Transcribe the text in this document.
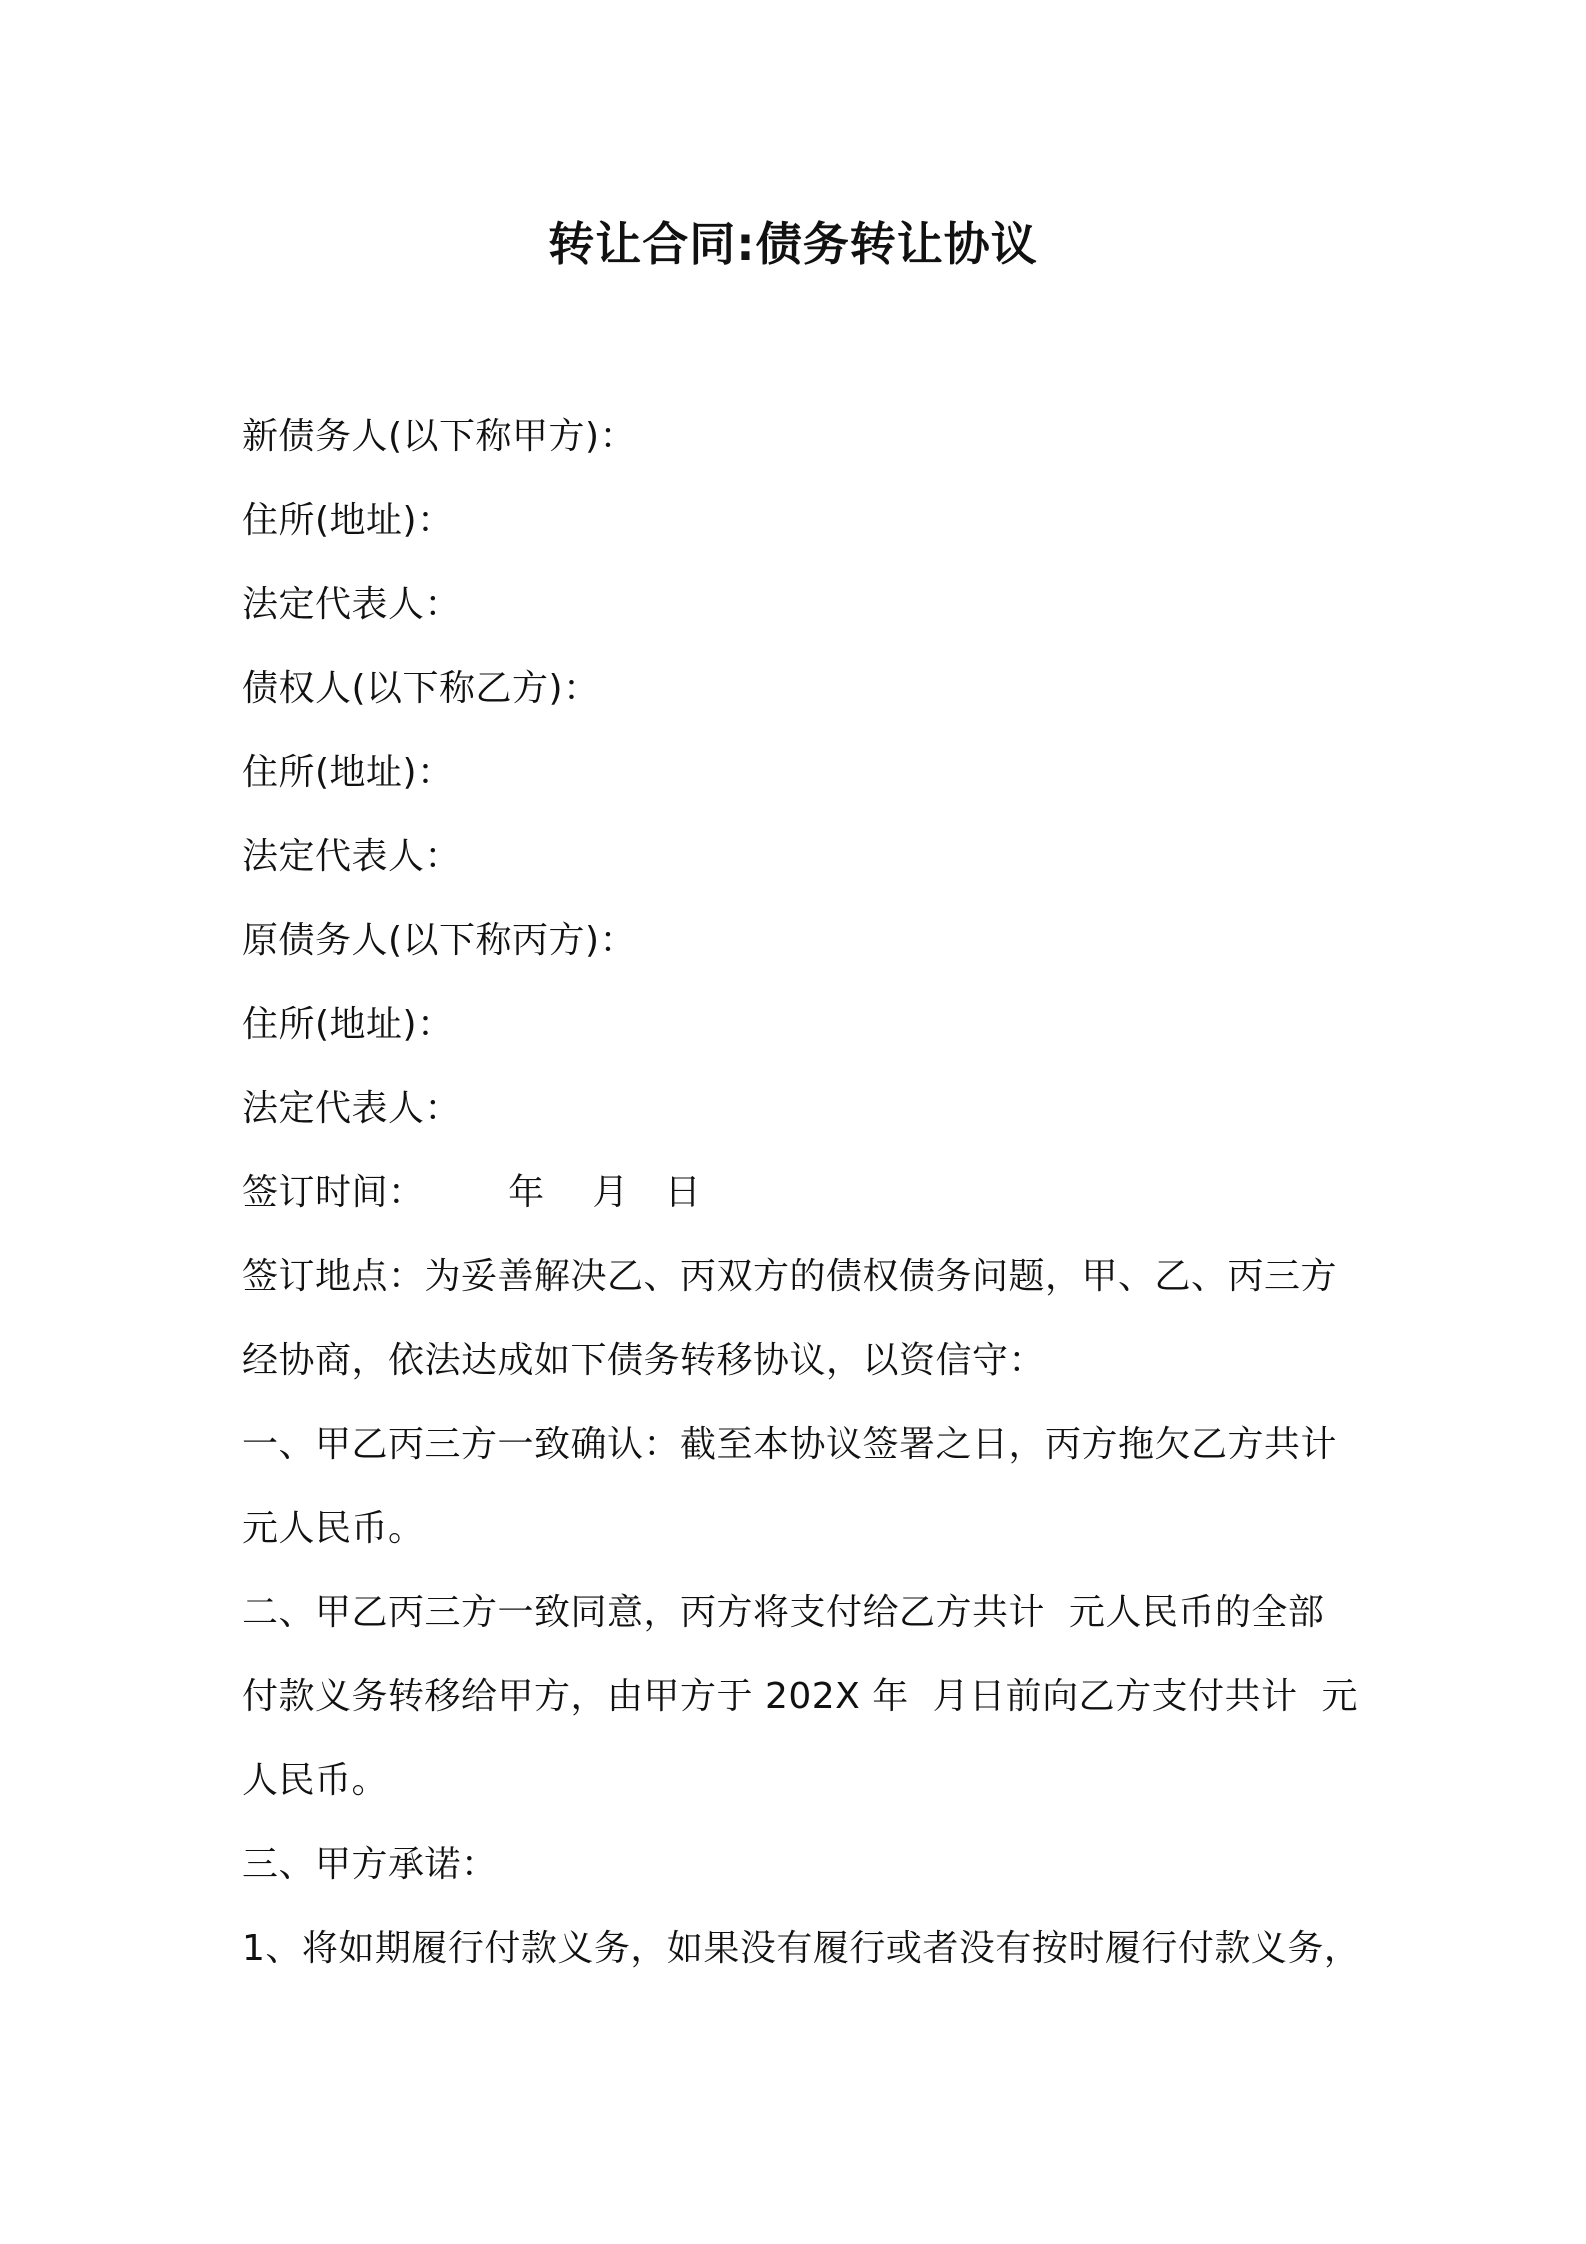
转让合同:债务转让协议
新债务人(以下称甲方)：
住所(地址)：
法定代表人：
债权人(以下称乙方)：
住所(地址)：
法定代表人：
原债务人(以下称丙方)：
住所(地址)：
法定代表人：
签订时间：       年    月   日
签订地点：为妥善解决乙、丙双方的债权债务问题，甲、乙、丙三方
经协商，依法达成如下债务转移协议，以资信守：
一、甲乙丙三方一致确认：截至本协议签署之日，丙方拖欠乙方共计
元人民币。
二、甲乙丙三方一致同意，丙方将支付给乙方共计  元人民币的全部
付款义务转移给甲方，由甲方于 202X 年  月日前向乙方支付共计  元
人民币。
三、甲方承诺：
1、将如期履行付款义务，如果没有履行或者没有按时履行付款义务，
